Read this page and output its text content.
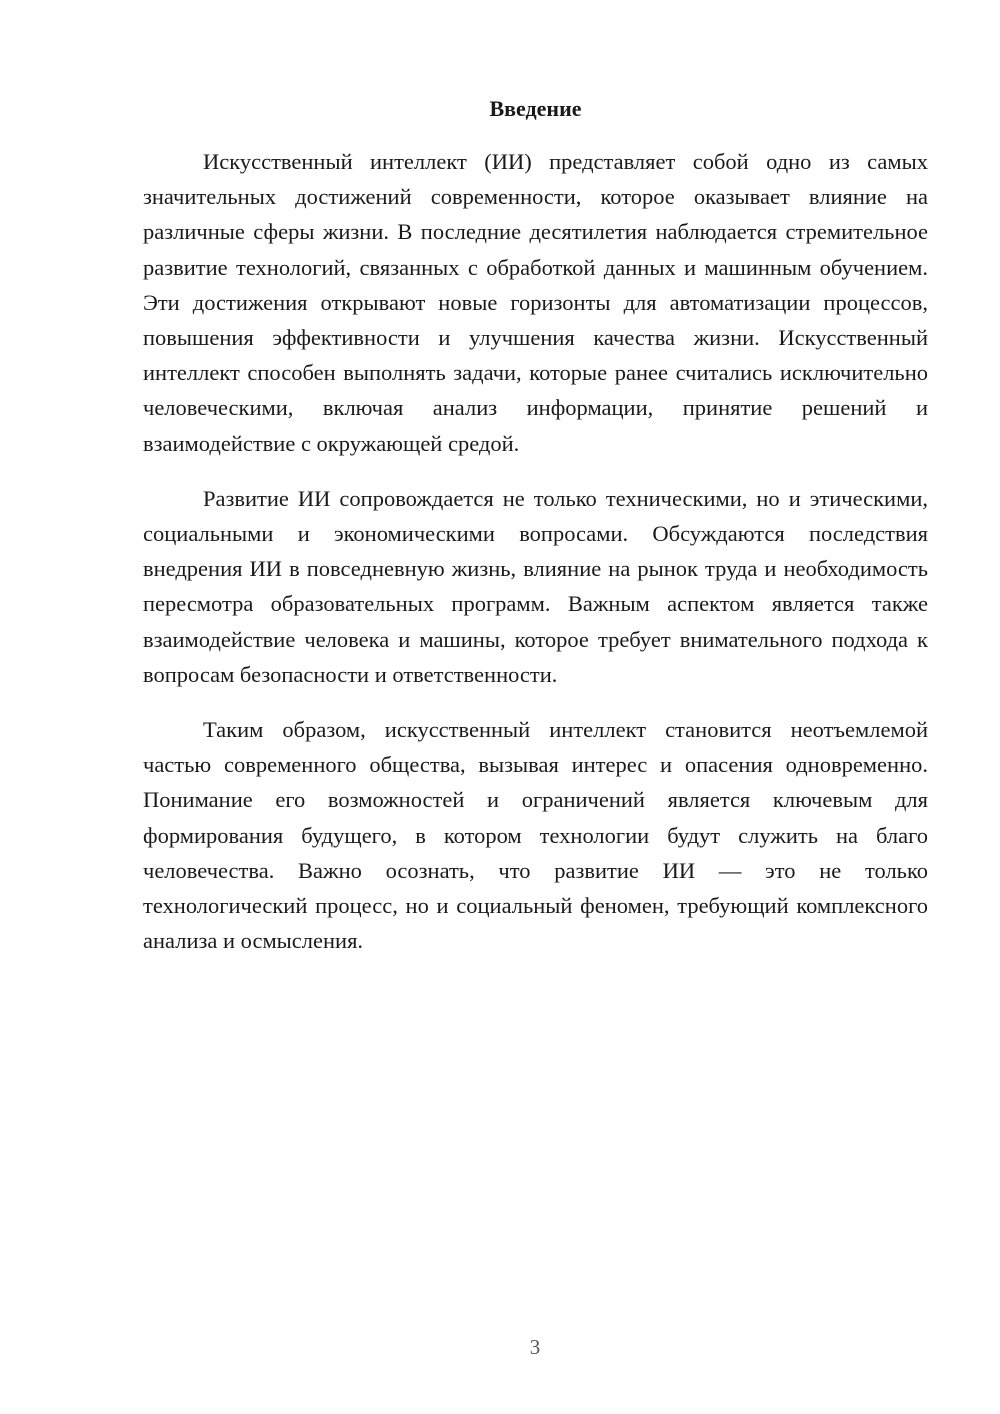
Введение

Искусственный интеллект (ИИ) представляет собой одно из самых значительных достижений современности, которое оказывает влияние на различные сферы жизни. В последние десятилетия наблюдается стремительное развитие технологий, связанных с обработкой данных и машинным обучением. Эти достижения открывают новые горизонты для автоматизации процессов, повышения эффективности и улучшения качества жизни. Искусственный интеллект способен выполнять задачи, которые ранее считались исключительно человеческими, включая анализ информации, принятие решений и взаимодействие с окружающей средой.

Развитие ИИ сопровождается не только техническими, но и этическими, социальными и экономическими вопросами. Обсуждаются последствия внедрения ИИ в повседневную жизнь, влияние на рынок труда и необходимость пересмотра образовательных программ. Важным аспектом является также взаимодействие человека и машины, которое требует внимательного подхода к вопросам безопасности и ответственности.

Таким образом, искусственный интеллект становится неотъемлемой частью современного общества, вызывая интерес и опасения одновременно. Понимание его возможностей и ограничений является ключевым для формирования будущего, в котором технологии будут служить на благо человечества. Важно осознать, что развитие ИИ — это не только технологический процесс, но и социальный феномен, требующий комплексного анализа и осмысления.

3
